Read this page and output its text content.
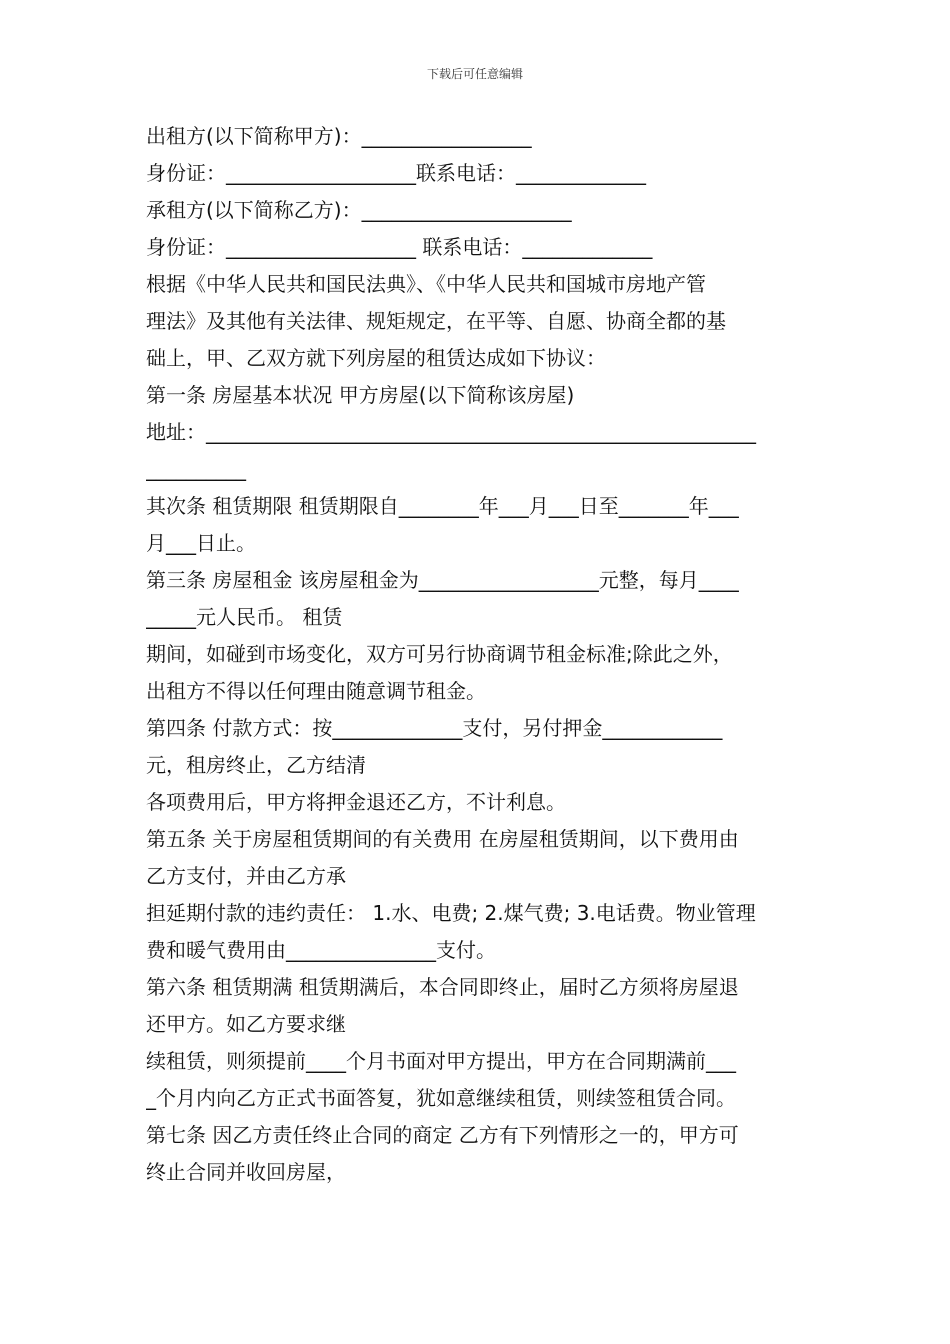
下载后可任意编辑
出租方(以下简称甲方)：_________________
身份证：___________________联系电话：_____________
承租方(以下简称乙方)：_____________________
身份证：___________________ 联系电话：_____________
根据《中华人民共和国民法典》、《中华人民共和国城市房地产管
理法》及其他有关法律、规矩规定，在平等、自愿、协商全都的基
础上，甲、乙双方就下列房屋的租赁达成如下协议：
第一条 房屋基本状况 甲方房屋(以下简称该房屋)
地址：_______________________________________________________
__________
其次条 租赁期限 租赁期限自________年___月___日至_______年___
月___日止。
第三条 房屋租金 该房屋租金为__________________元整，每月____
_____元人民币。 租赁
期间，如碰到市场变化，双方可另行协商调节租金标准;除此之外，
出租方不得以任何理由随意调节租金。
第四条 付款方式：按_____________支付，另付押金____________
元，租房终止，乙方结清
各项费用后，甲方将押金退还乙方，不计利息。
第五条 关于房屋租赁期间的有关费用 在房屋租赁期间，以下费用由
乙方支付，并由乙方承
担延期付款的违约责任： 1.水、电费; 2.煤气费; 3.电话费。物业管理
费和暖气费用由_______________支付。
第六条 租赁期满 租赁期满后，本合同即终止，届时乙方须将房屋退
还甲方。如乙方要求继
续租赁，则须提前____个月书面对甲方提出，甲方在合同期满前___
_个月内向乙方正式书面答复，犹如意继续租赁，则续签租赁合同。
第七条 因乙方责任终止合同的商定 乙方有下列情形之一的，甲方可
终止合同并收回房屋，
